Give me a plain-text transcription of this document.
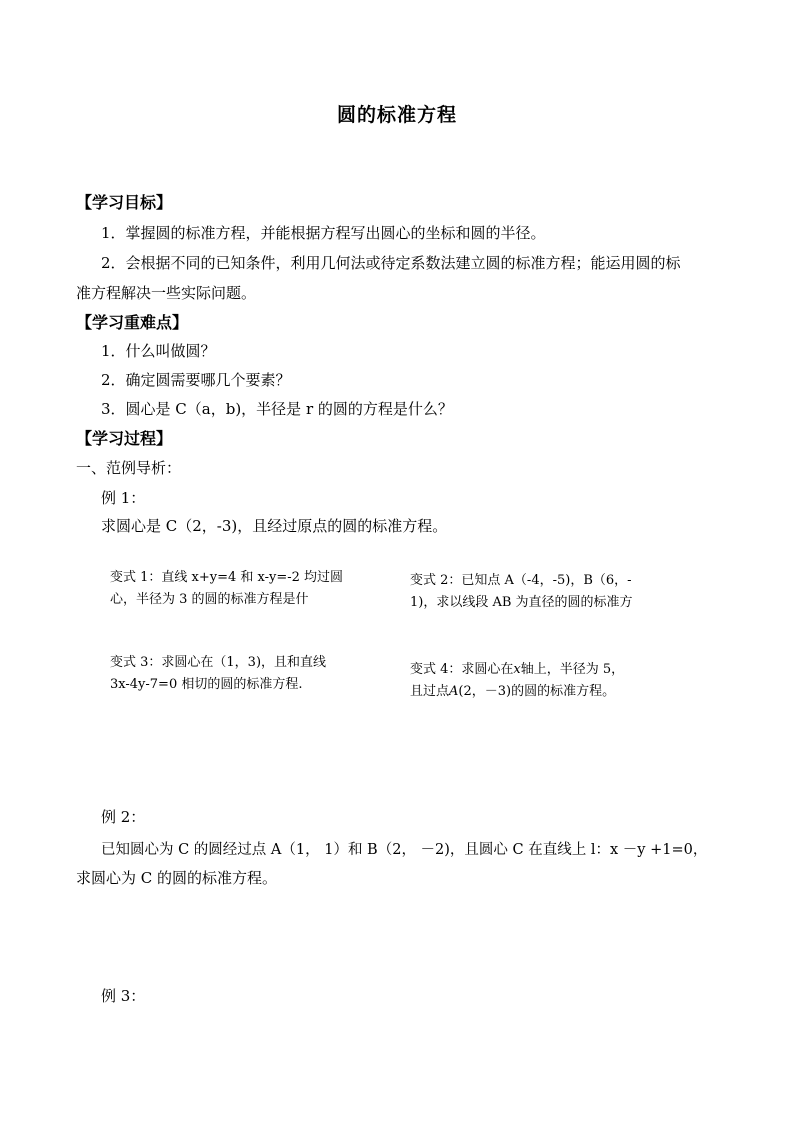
圆的标准方程
【学习目标】
1．掌握圆的标准方程，并能根据方程写出圆心的坐标和圆的半径。
2．会根据不同的已知条件，利用几何法或待定系数法建立圆的标准方程；能运用圆的标
准方程解决一些实际问题。
【学习重难点】
1．什么叫做圆？
2．确定圆需要哪几个要素？
3．圆心是 C（a，b)，半径是 r 的圆的方程是什么？
【学习过程】
一、范例导析：
例 1：
求圆心是 C（2，-3)，且经过原点的圆的标准方程。
变式 1：直线 x+y=4 和 x-y=-2 均过圆
心，半径为 3 的圆的标准方程是什
变式 2：已知点 A（-4，-5)，B（6，-
1)，求以线段 AB 为直径的圆的标准方
变式 3：求圆心在（1，3)，且和直线
3x-4y-7=0 相切的圆的标准方程.
变式 4：求圆心在x轴上，半径为 5，
且过点A(2，－3)的圆的标准方程。
例 2：
已知圆心为 C 的圆经过点 A（1， 1）和 B（2， －2)，且圆心 C 在直线上 l：x －y +1=0，
求圆心为 C 的圆的标准方程。
例 3：
